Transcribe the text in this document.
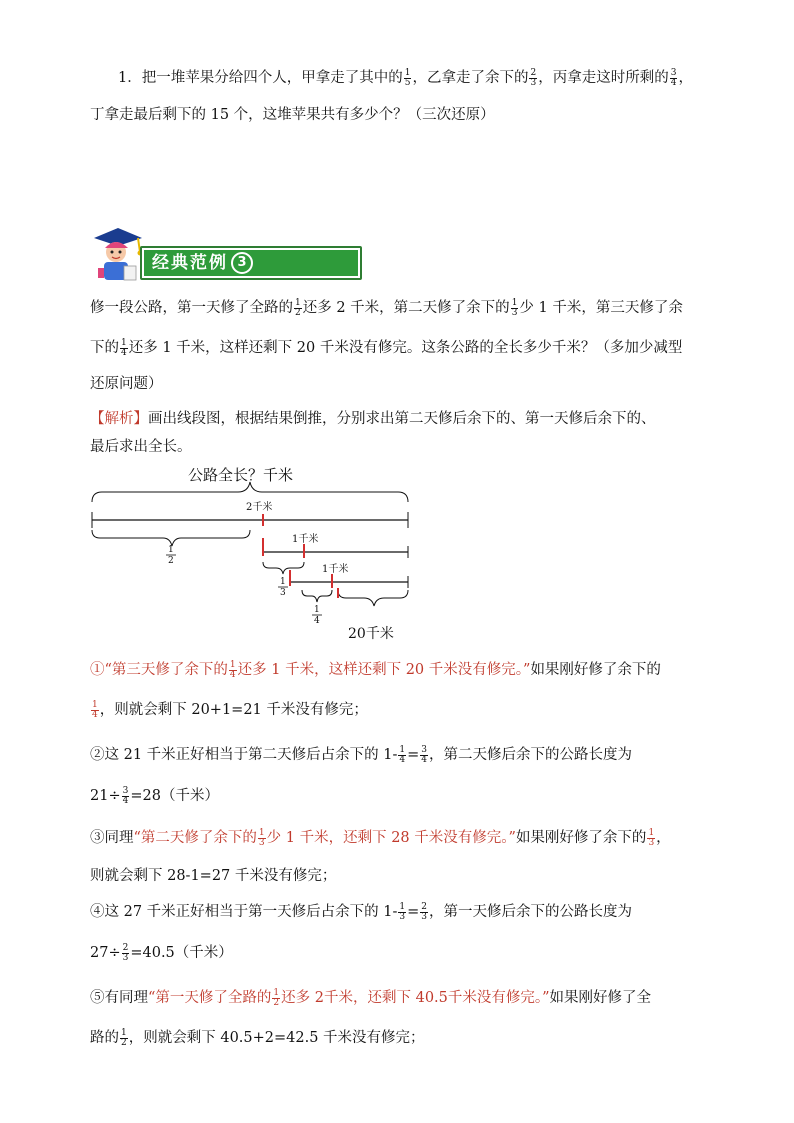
1．把一堆苹果分给四个人，甲拿走了其中的 $\frac{1}{5}$ ，乙拿走了余下的 $\frac{2}{3}$ ，丙拿走这时所剩的 $\frac{3}{4}$ ，
丁拿走最后剩下的 15 个，这堆苹果共有多少个？（三次还原）
经典范例 3
修一段公路，第一天修了全路的 $\frac{1}{2}$ 还多 2 千米，第二天修了余下的 $\frac{1}{3}$ 少 1 千米，第三天修了余
下的 $\frac{1}{4}$ 还多 1 千米，这样还剩下 20 千米没有修完。这条公路的全长多少千米？（多加少减型
还原问题）
【解析】画出线段图，根据结果倒推，分别求出第二天修后余下的、第一天修后余下的、
最后求出全长。
公路全长？千米
2千米
1千米
1千米
20千米
1
2
1
3
1
4
①“第三天修了余下的 $\frac{1}{4}$ 还多 1 千米，这样还剩下 20 千米没有修完。”如果刚好修了余下的
$\frac{1}{4}$ ，则就会剩下 20+1=21 千米没有修完；
②这 21 千米正好相当于第二天修后占余下的 $1- \frac{1}{4} = \frac{3}{4}$ ，第二天修后余下的公路长度为
$21\div \frac{3}{4} =28$（千米）
③同理“第二天修了余下的 $\frac{1}{3}$ 少 1 千米，还剩下 28 千米没有修完。”如果刚好修了余下的 $\frac{1}{3}$ ，
则就会剩下 28-1=27 千米没有修完；
④这 27 千米正好相当于第一天修后占余下的 $1- \frac{1}{3} = \frac{2}{3}$ ，第一天修后余下的公路长度为
$27\div \frac{2}{3} =40.5$（千米）
⑤有同理“第一天修了全路的 $\frac{1}{2}$ 还多 2千米，还剩下 40.5千米没有修完。”如果刚好修了全
路的 $\frac{1}{2}$ ，则就会剩下 40.5+2=42.5 千米没有修完；
